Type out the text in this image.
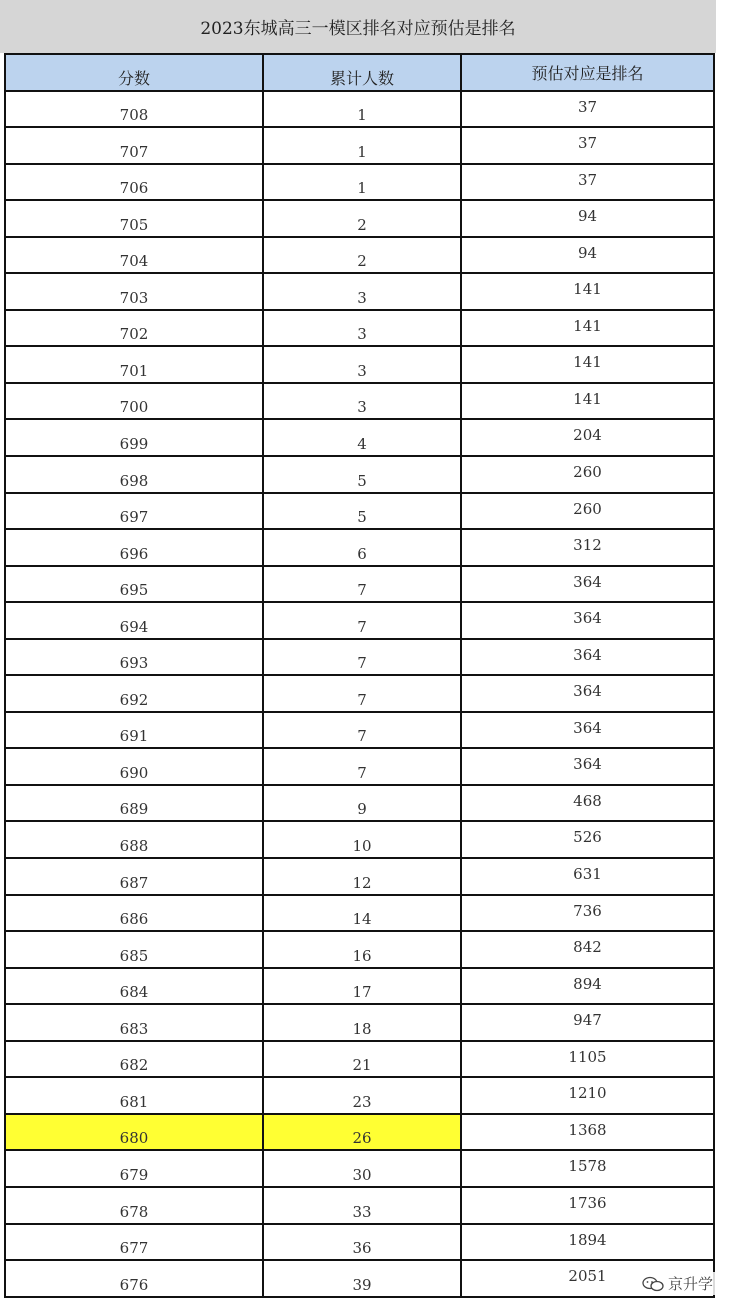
2023东城高三一模区排名对应预估是排名
分数	累计人数	预估对应是排名
708	1	37
707	1	37
706	1	37
705	2	94
704	2	94
703	3	141
702	3	141
701	3	141
700	3	141
699	4	204
698	5	260
697	5	260
696	6	312
695	7	364
694	7	364
693	7	364
692	7	364
691	7	364
690	7	364
689	9	468
688	10	526
687	12	631
686	14	736
685	16	842
684	17	894
683	18	947
682	21	1105
681	23	1210
680	26	1368
679	30	1578
678	33	1736
677	36	1894
676	39	2051	京升学
